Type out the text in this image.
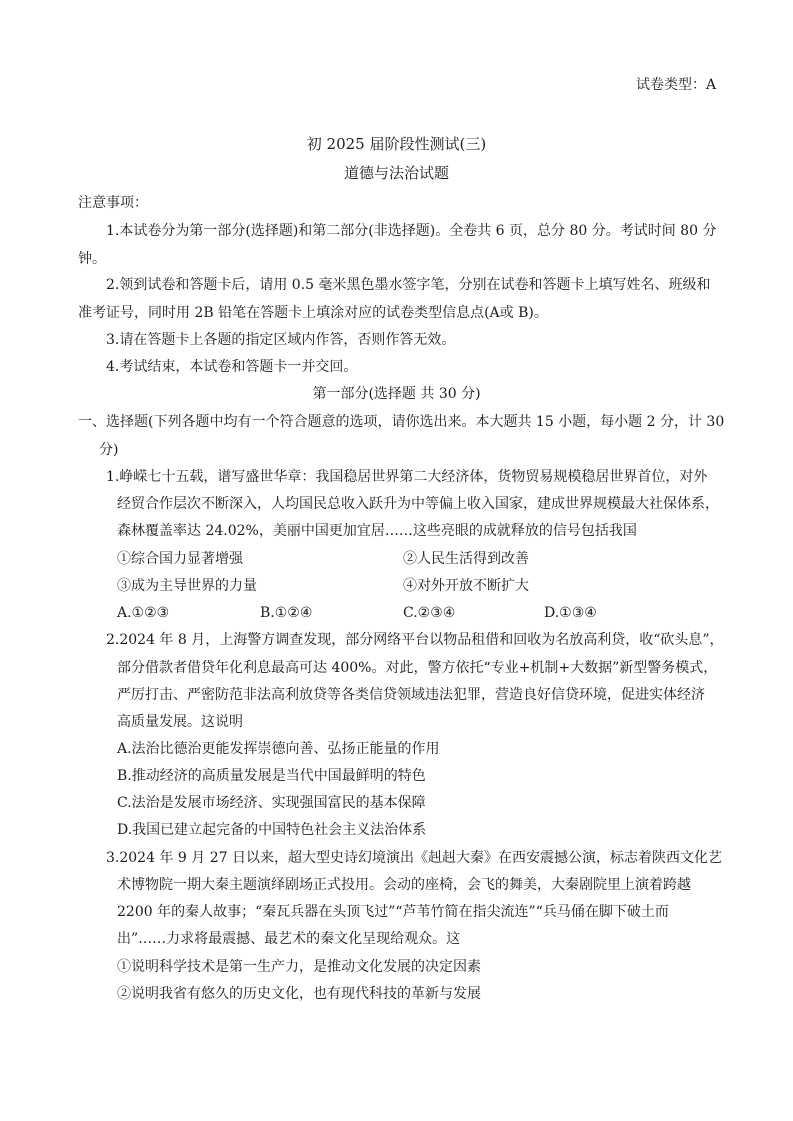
试卷类型：A
初 2025 届阶段性测试(三)
道德与法治试题
注意事项：
1.本试卷分为第一部分(选择题)和第二部分(非选择题)。全卷共 6 页，总分 80 分。考试时间 80 分
钟。
2.领到试卷和答题卡后，请用 0.5 毫米黑色墨水签字笔，分别在试卷和答题卡上填写姓名、班级和
准考证号，同时用 2B 铅笔在答题卡上填涂对应的试卷类型信息点(A或 B)。
3.请在答题卡上各题的指定区域内作答，否则作答无效。
4.考试结束，本试卷和答题卡一并交回。
第一部分(选择题 共 30 分)
一、选择题(下列各题中均有一个符合题意的选项，请你选出来。本大题共 15 小题，每小题 2 分，计 30
分)
1.峥嵘七十五载，谱写盛世华章：我国稳居世界第二大经济体，货物贸易规模稳居世界首位，对外
经贸合作层次不断深入，人均国民总收入跃升为中等偏上收入国家，建成世界规模最大社保体系，
森林覆盖率达 24.02%，美丽中国更加宜居……这些亮眼的成就释放的信号包括我国
①综合国力显著增强	②人民生活得到改善
③成为主导世界的力量	④对外开放不断扩大
A.①②③	B.①②④	C.②③④	D.①③④
2.2024 年 8 月，上海警方调查发现，部分网络平台以物品租借和回收为名放高利贷，收“砍头息”，
部分借款者借贷年化利息最高可达 400%。对此，警方依托“专业+机制+大数据”新型警务模式，
严厉打击、严密防范非法高利放贷等各类信贷领域违法犯罪，营造良好信贷环境，促进实体经济
高质量发展。这说明
A.法治比德治更能发挥崇德向善、弘扬正能量的作用
B.推动经济的高质量发展是当代中国最鲜明的特色
C.法治是发展市场经济、实现强国富民的基本保障
D.我国已建立起完备的中国特色社会主义法治体系
3.2024 年 9 月 27 日以来，超大型史诗幻境演出《赳赳大秦》在西安震撼公演，标志着陕西文化艺
术博物院一期大秦主题演绎剧场正式投用。会动的座椅，会飞的舞美，大秦剧院里上演着跨越
2200 年的秦人故事；“秦瓦兵器在头顶飞过”“芦苇竹简在指尖流连”“兵马俑在脚下破土而
出”……力求将最震撼、最艺术的秦文化呈现给观众。这
①说明科学技术是第一生产力，是推动文化发展的决定因素
②说明我省有悠久的历史文化，也有现代科技的革新与发展
